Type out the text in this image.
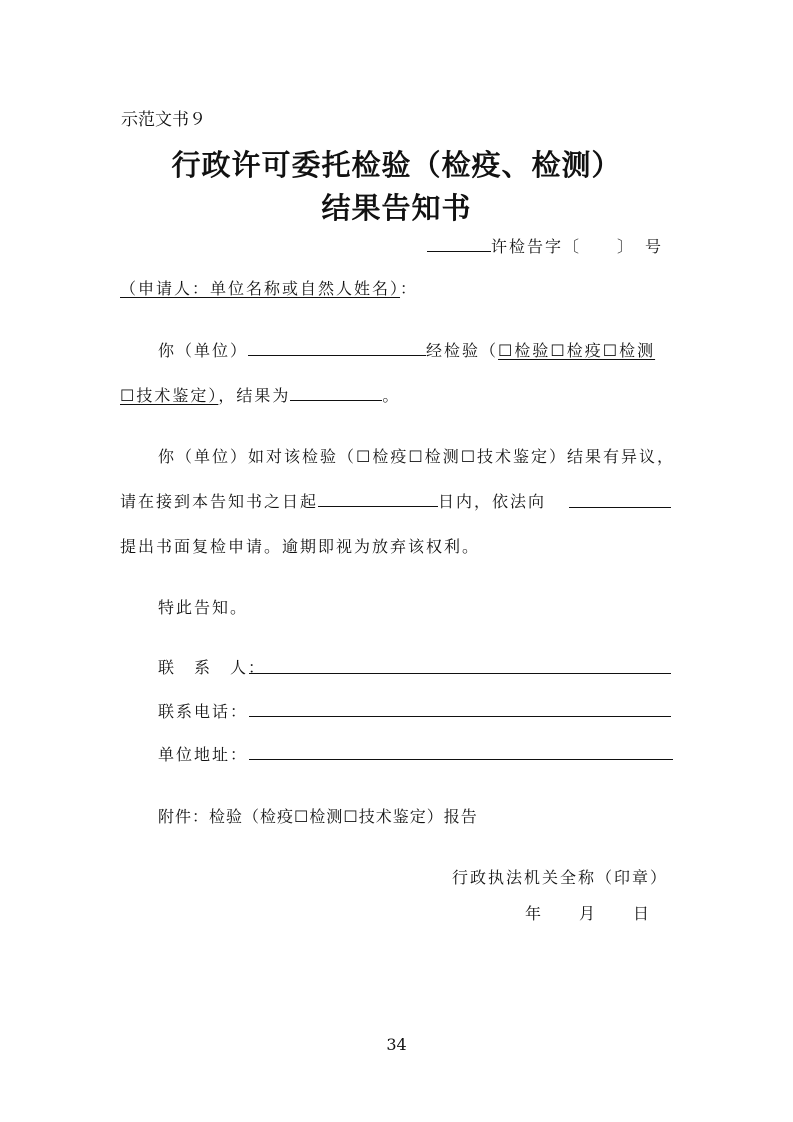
示范文书９
行政许可委托检验（检疫、检测）
结果告知书
许检告字〔　　〕　号
（申请人：单位名称或自然人姓名）：
你（单位）	经检验（☐检验☐检疫☐检测
☐技术鉴定），结果为	。
你（单位）如对该检验（☐检疫☐检测☐技术鉴定）结果有异议，
请在接到本告知书之日起	日内，依法向
提出书面复检申请。逾期即视为放弃该权利。
特此告知。
联　系　人：
联系电话：
单位地址：
附件：检验（检疫☐检测☐技术鉴定）报告
行政执法机关全称（印章）
年　　月　　日
34
